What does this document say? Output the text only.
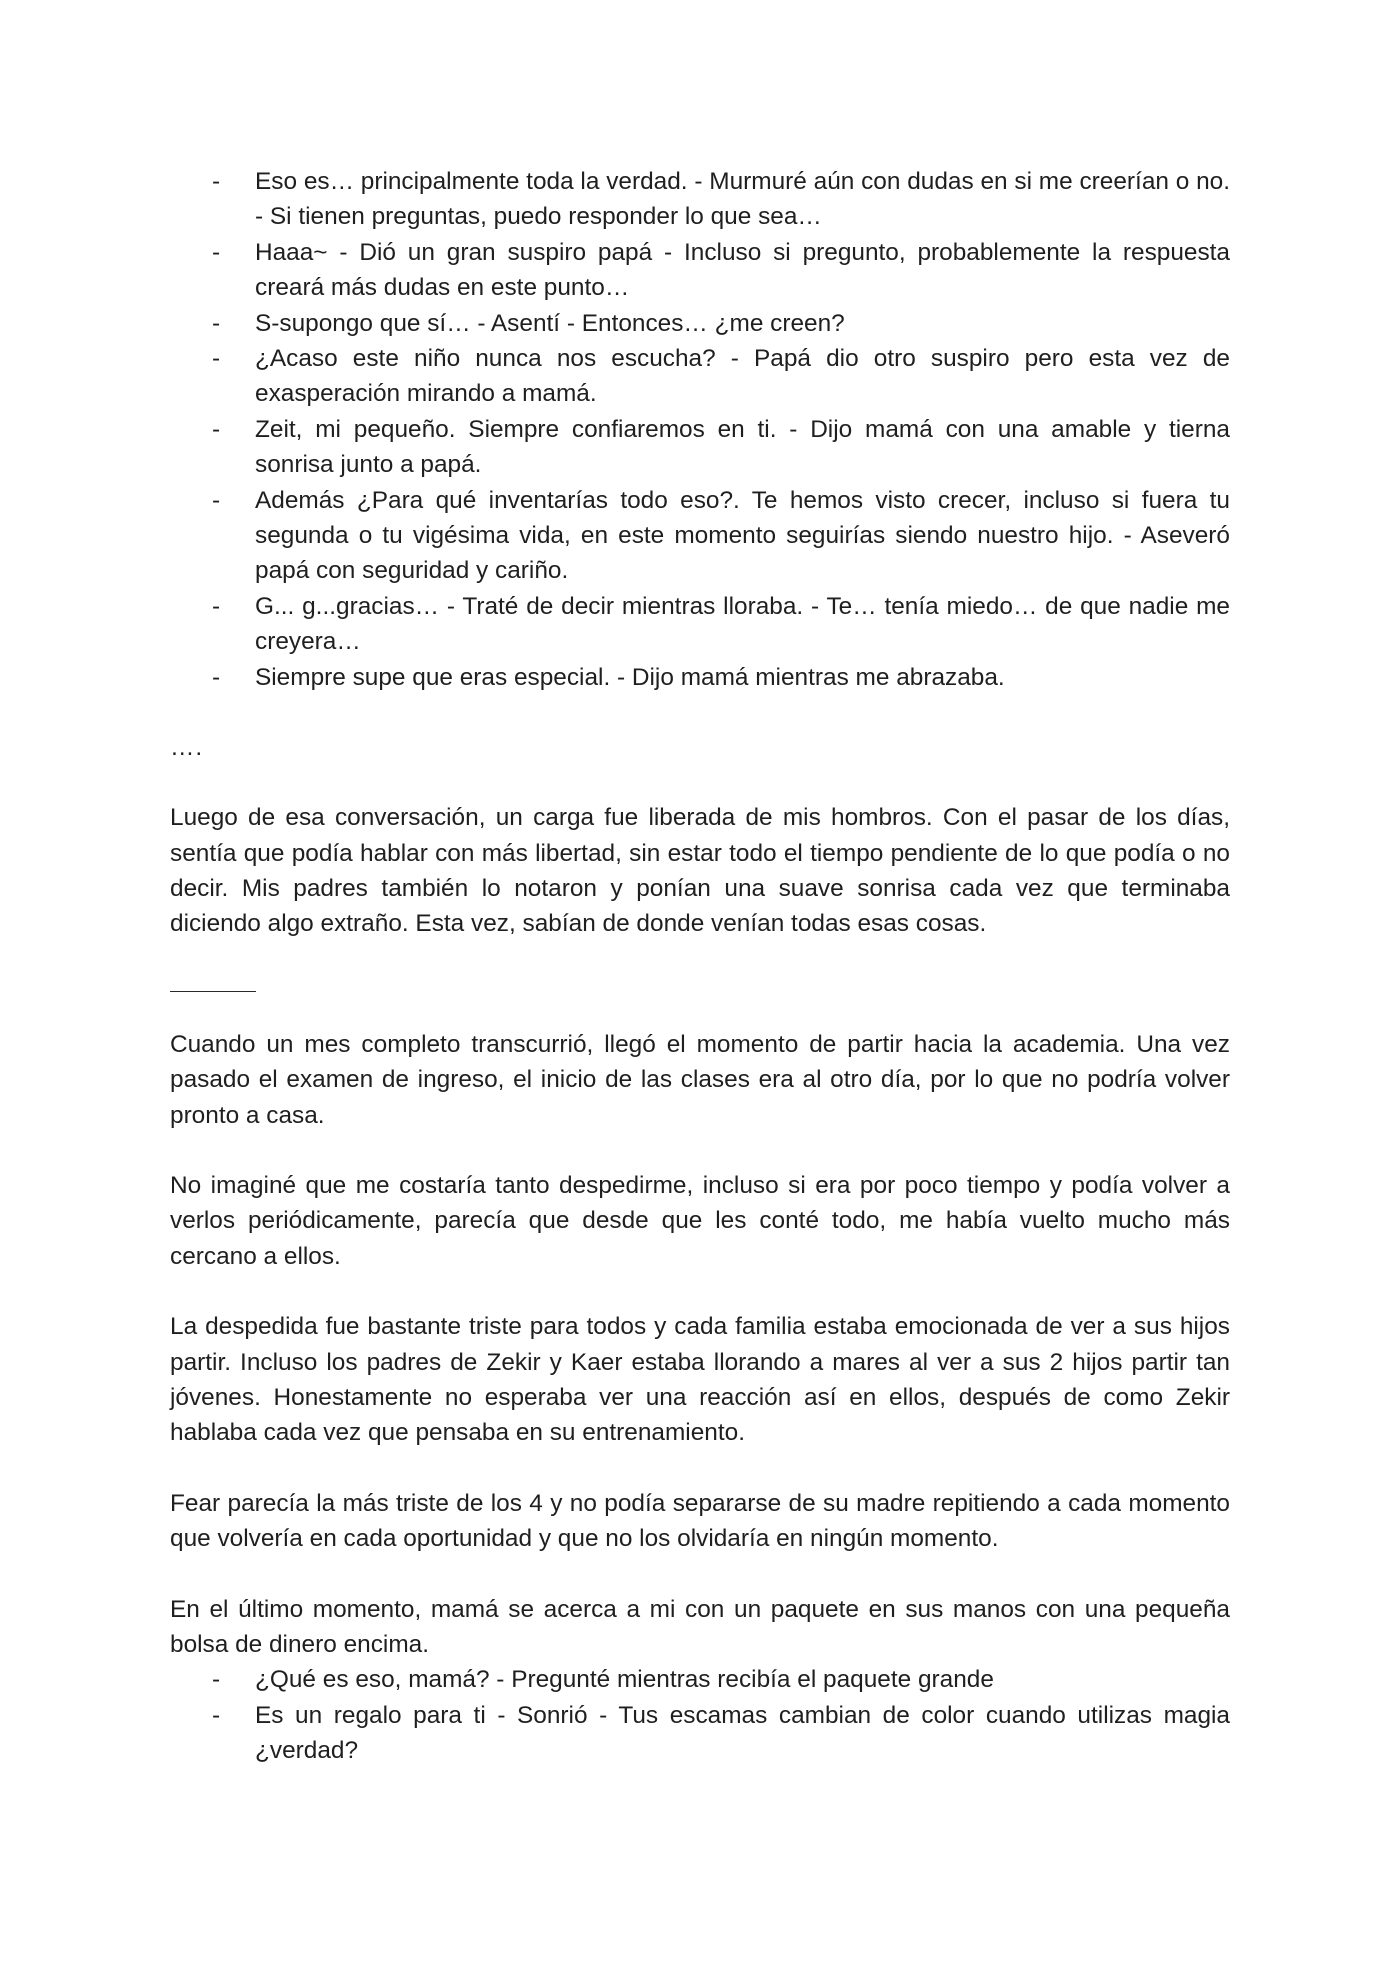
- Eso es… principalmente toda la verdad. - Murmuré aún con dudas en si me creerían o no. - Si tienen preguntas, puedo responder lo que sea…
- Haaa~ - Dió un gran suspiro papá - Incluso si pregunto, probablemente la respuesta creará más dudas en este punto…
- S-supongo que sí… - Asentí - Entonces… ¿me creen?
- ¿Acaso este niño nunca nos escucha? - Papá dio otro suspiro pero esta vez de exasperación mirando a mamá.
- Zeit, mi pequeño. Siempre confiaremos en ti. - Dijo mamá con una amable y tierna sonrisa junto a papá.
- Además ¿Para qué inventarías todo eso?. Te hemos visto crecer, incluso si fuera tu segunda o tu vigésima vida, en este momento seguirías siendo nuestro hijo. - Aseveró papá con seguridad y cariño.
- G... g...gracias… - Traté de decir mientras lloraba. - Te… tenía miedo… de que nadie me creyera…
- Siempre supe que eras especial. - Dijo mamá mientras me abrazaba.
….

Luego de esa conversación, un carga fue liberada de mis hombros. Con el pasar de los días, sentía que podía hablar con más libertad, sin estar todo el tiempo pendiente de lo que podía o no decir. Mis padres también lo notaron y ponían una suave sonrisa cada vez que terminaba diciendo algo extraño. Esta vez, sabían de donde venían todas esas cosas.

Cuando un mes completo transcurrió, llegó el momento de partir hacia la academia. Una vez pasado el examen de ingreso, el inicio de las clases era al otro día, por lo que no podría volver pronto a casa.

No imaginé que me costaría tanto despedirme, incluso si era por poco tiempo y podía volver a verlos periódicamente, parecía que desde que les conté todo, me había vuelto mucho más cercano a ellos.

La despedida fue bastante triste para todos y cada familia estaba emocionada de ver a sus hijos partir. Incluso los padres de Zekir y Kaer estaba llorando a mares al ver a sus 2 hijos partir tan jóvenes. Honestamente no esperaba ver una reacción así en ellos, después de como Zekir hablaba cada vez que pensaba en su entrenamiento.

Fear parecía la más triste de los 4 y no podía separarse de su madre repitiendo a cada momento que volvería en cada oportunidad y que no los olvidaría en ningún momento.

En el último momento, mamá se acerca a mi con un paquete en sus manos con una pequeña bolsa de dinero encima.

- ¿Qué es eso, mamá? - Pregunté mientras recibía el paquete grande
- Es un regalo para ti - Sonrió - Tus escamas cambian de color cuando utilizas magia ¿verdad?
